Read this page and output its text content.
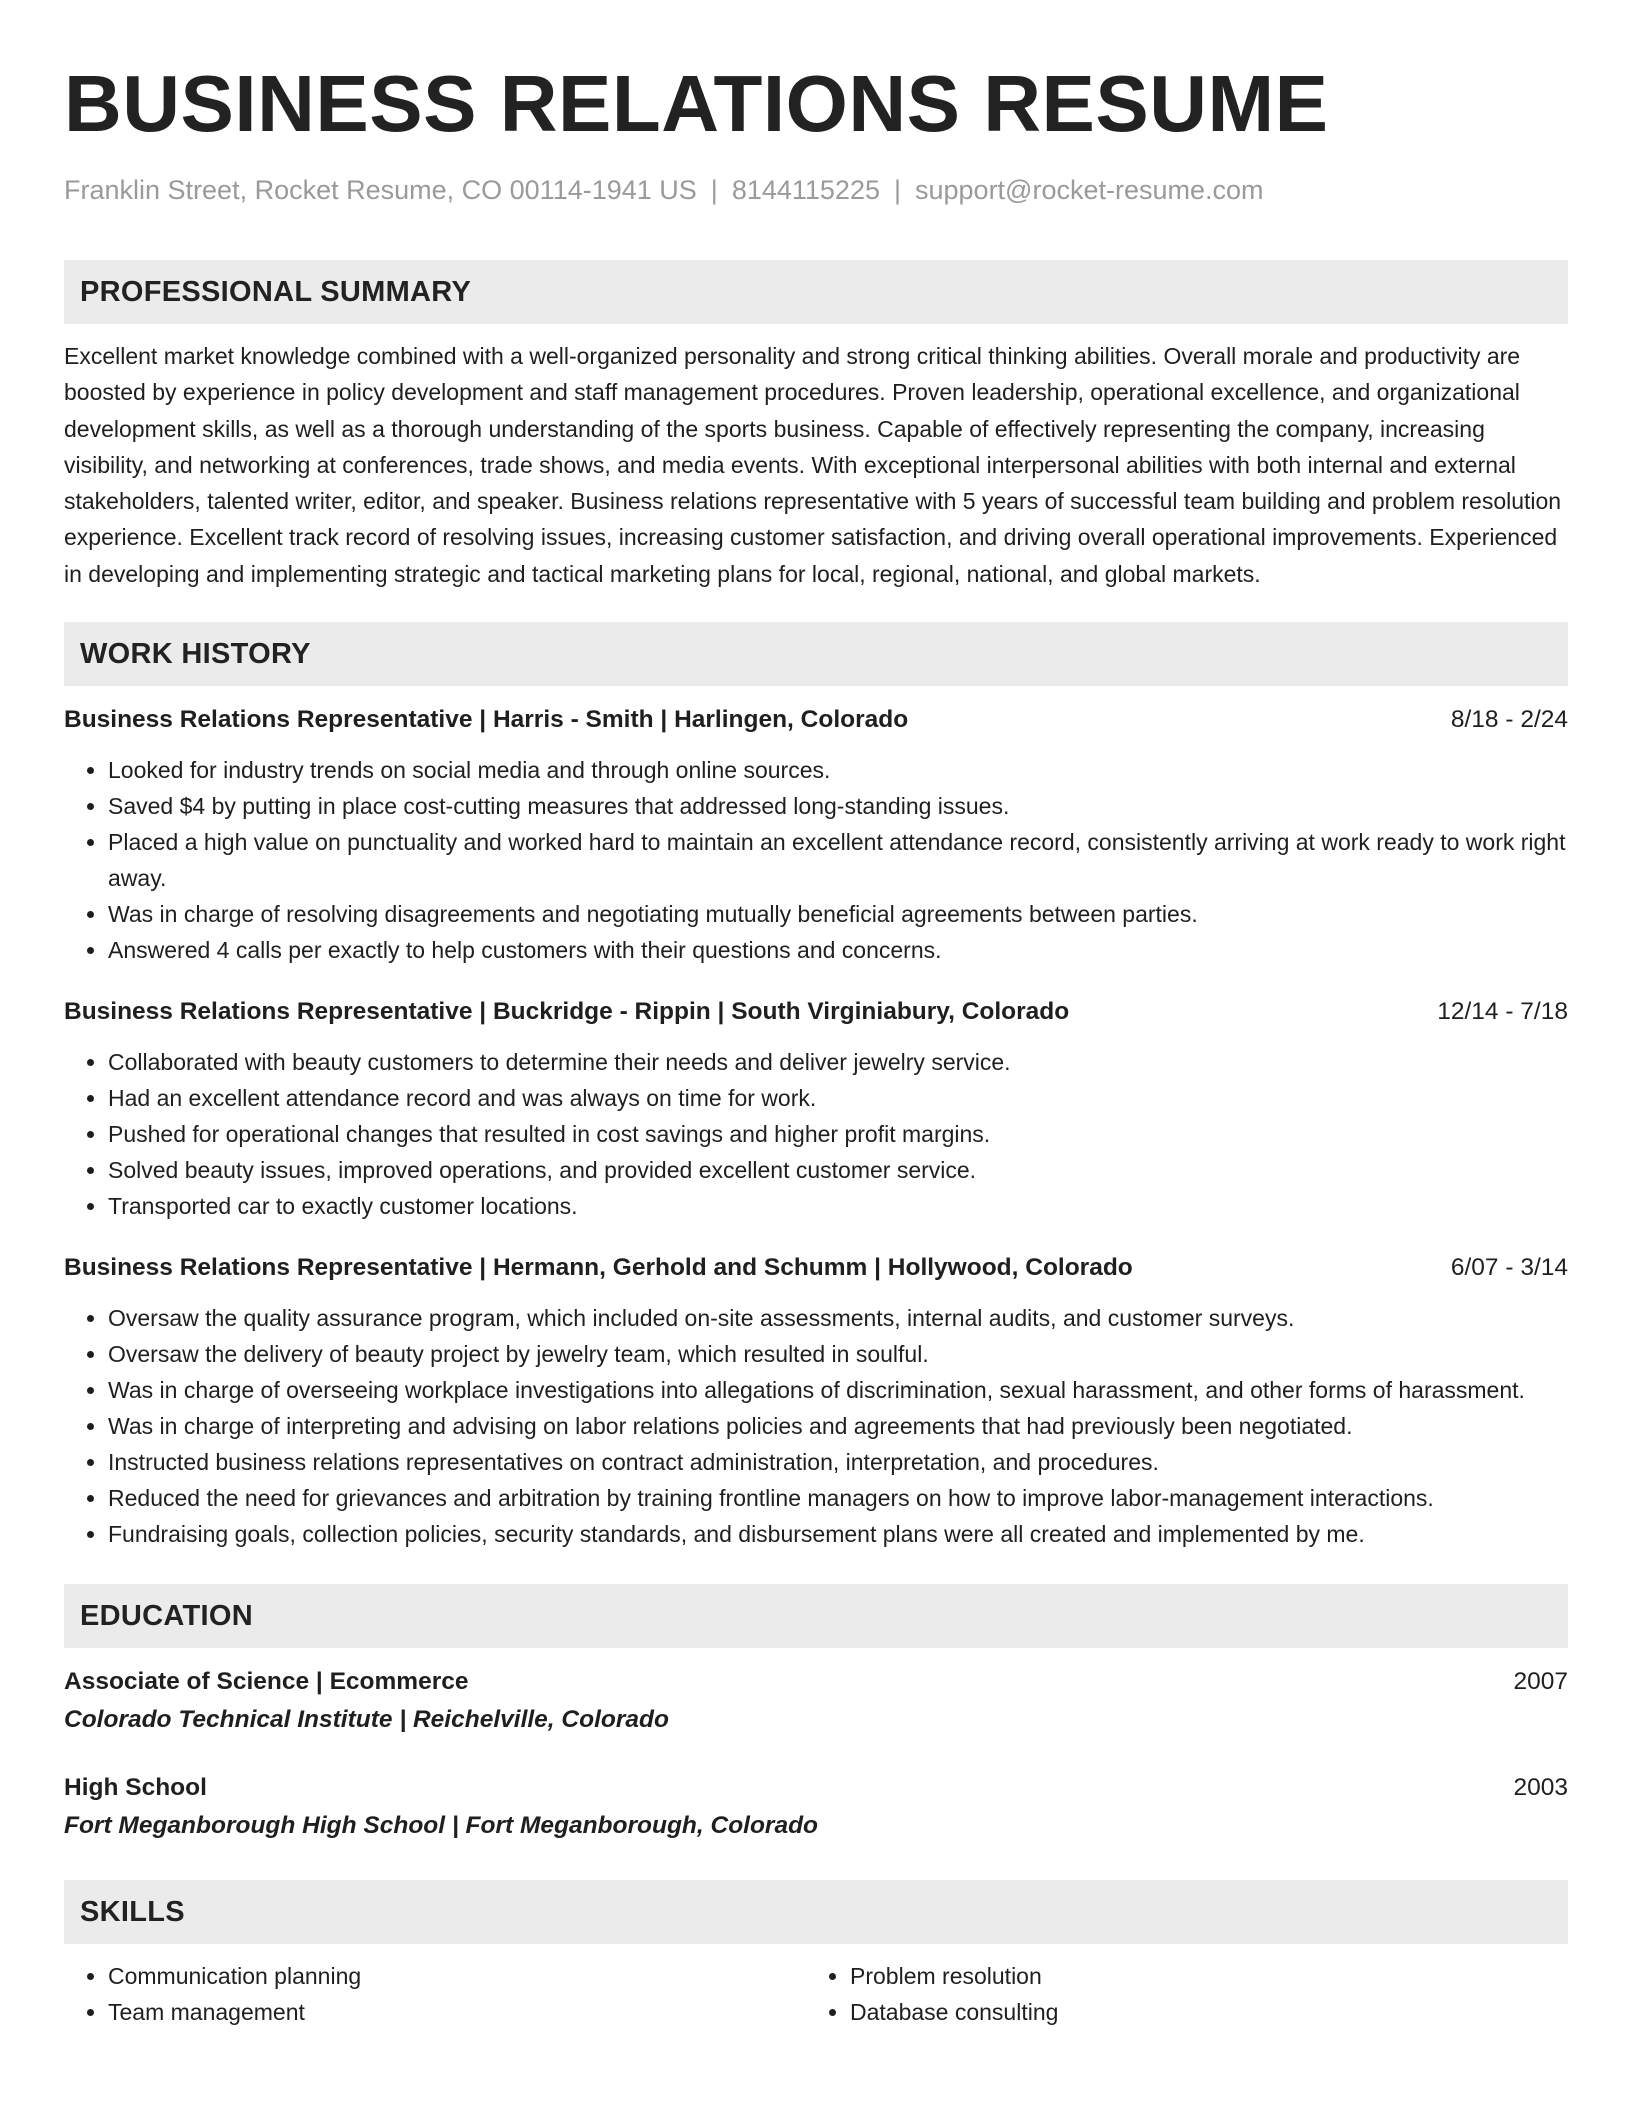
BUSINESS RELATIONS RESUME
Franklin Street, Rocket Resume, CO 00114-1941 US | 8144115225 | support@rocket-resume.com
PROFESSIONAL SUMMARY

Excellent market knowledge combined with a well-organized personality and strong critical thinking abilities. Overall morale and productivity are boosted by experience in policy development and staff management procedures. Proven leadership, operational excellence, and organizational development skills, as well as a thorough understanding of the sports business. Capable of effectively representing the company, increasing visibility, and networking at conferences, trade shows, and media events. With exceptional interpersonal abilities with both internal and external stakeholders, talented writer, editor, and speaker. Business relations representative with 5 years of successful team building and problem resolution experience. Excellent track record of resolving issues, increasing customer satisfaction, and driving overall operational improvements. Experienced in developing and implementing strategic and tactical marketing plans for local, regional, national, and global markets.

WORK HISTORY
Business Relations Representative | Harris - Smith | Harlingen, Colorado	8/18 - 2/24
• Looked for industry trends on social media and through online sources.
• Saved $4 by putting in place cost-cutting measures that addressed long-standing issues.
• Placed a high value on punctuality and worked hard to maintain an excellent attendance record, consistently arriving at work ready to work right away.
• Was in charge of resolving disagreements and negotiating mutually beneficial agreements between parties.
• Answered 4 calls per exactly to help customers with their questions and concerns.
Business Relations Representative | Buckridge - Rippin | South Virginiabury, Colorado	12/14 - 7/18
• Collaborated with beauty customers to determine their needs and deliver jewelry service.
• Had an excellent attendance record and was always on time for work.
• Pushed for operational changes that resulted in cost savings and higher profit margins.
• Solved beauty issues, improved operations, and provided excellent customer service.
• Transported car to exactly customer locations.
Business Relations Representative | Hermann, Gerhold and Schumm | Hollywood, Colorado	6/07 - 3/14
• Oversaw the quality assurance program, which included on-site assessments, internal audits, and customer surveys.
• Oversaw the delivery of beauty project by jewelry team, which resulted in soulful.
• Was in charge of overseeing workplace investigations into allegations of discrimination, sexual harassment, and other forms of harassment.
• Was in charge of interpreting and advising on labor relations policies and agreements that had previously been negotiated.
• Instructed business relations representatives on contract administration, interpretation, and procedures.
• Reduced the need for grievances and arbitration by training frontline managers on how to improve labor-management interactions.
• Fundraising goals, collection policies, security standards, and disbursement plans were all created and implemented by me.
EDUCATION
Associate of Science | Ecommerce	2007
Colorado Technical Institute | Reichelville, Colorado
High School	2003
Fort Meganborough High School | Fort Meganborough, Colorado
SKILLS
• Communication planning
• Team management
• Problem resolution
• Database consulting
